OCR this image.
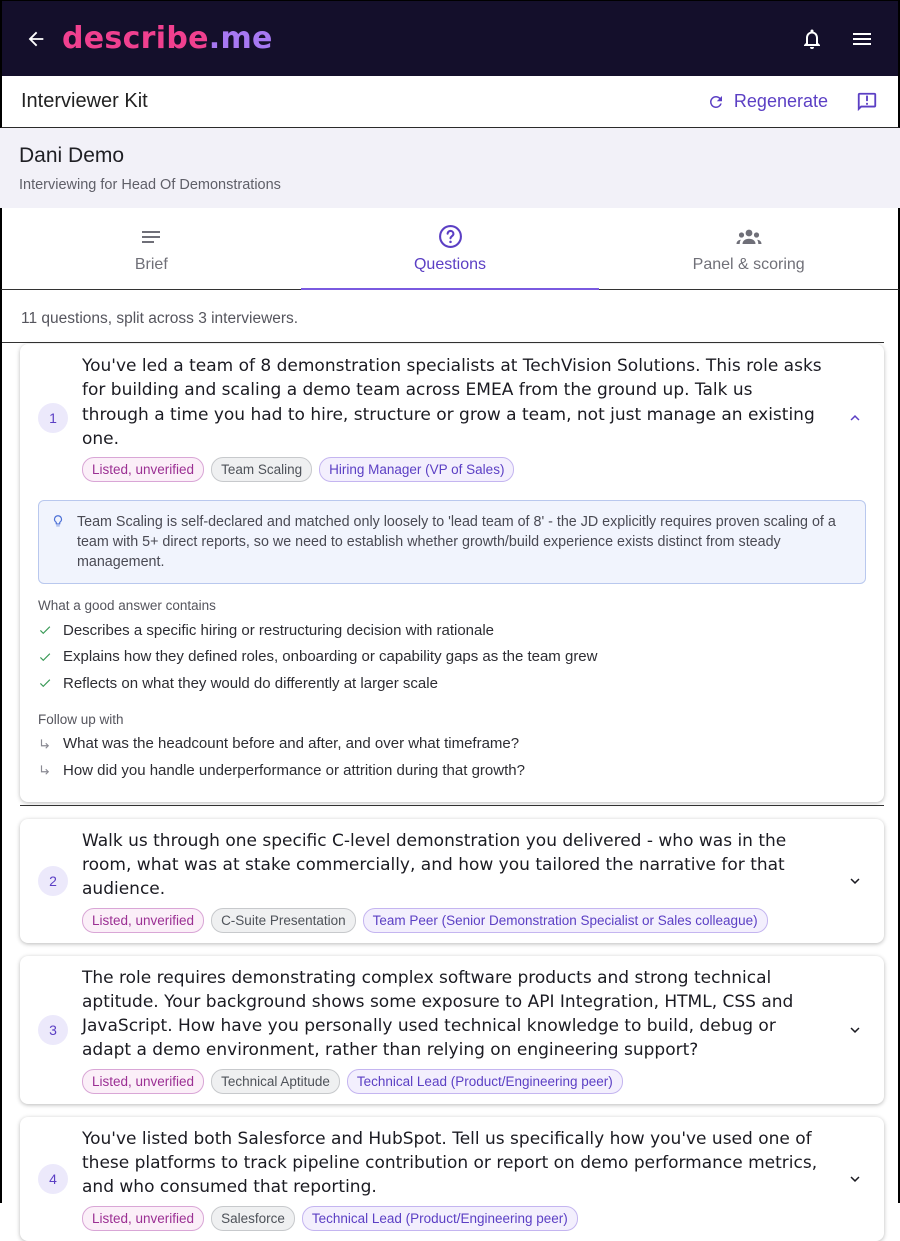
describe.me
Interviewer Kit	Regenerate
Dani Demo
Interviewing for Head Of Demonstrations
Brief	Questions	Panel & scoring
11 questions, split across 3 interviewers.
1
You've led a team of 8 demonstration specialists at TechVision Solutions. This role asks for building and scaling a demo team across EMEA from the ground up. Talk us through a time you had to hire, structure or grow a team, not just manage an existing one.
Listed, unverified	Team Scaling	Hiring Manager (VP of Sales)
Team Scaling is self-declared and matched only loosely to 'lead team of 8' - the JD explicitly requires proven scaling of a team with 5+ direct reports, so we need to establish whether growth/build experience exists distinct from steady management.
What a good answer contains
Describes a specific hiring or restructuring decision with rationale
Explains how they defined roles, onboarding or capability gaps as the team grew
Reflects on what they would do differently at larger scale
Follow up with
What was the headcount before and after, and over what timeframe?
How did you handle underperformance or attrition during that growth?
2
Walk us through one specific C-level demonstration you delivered - who was in the room, what was at stake commercially, and how you tailored the narrative for that audience.
Listed, unverified	C-Suite Presentation	Team Peer (Senior Demonstration Specialist or Sales colleague)
3
The role requires demonstrating complex software products and strong technical aptitude. Your background shows some exposure to API Integration, HTML, CSS and JavaScript. How have you personally used technical knowledge to build, debug or adapt a demo environment, rather than relying on engineering support?
Listed, unverified	Technical Aptitude	Technical Lead (Product/Engineering peer)
4
You've listed both Salesforce and HubSpot. Tell us specifically how you've used one of these platforms to track pipeline contribution or report on demo performance metrics, and who consumed that reporting.
Listed, unverified	Salesforce	Technical Lead (Product/Engineering peer)
